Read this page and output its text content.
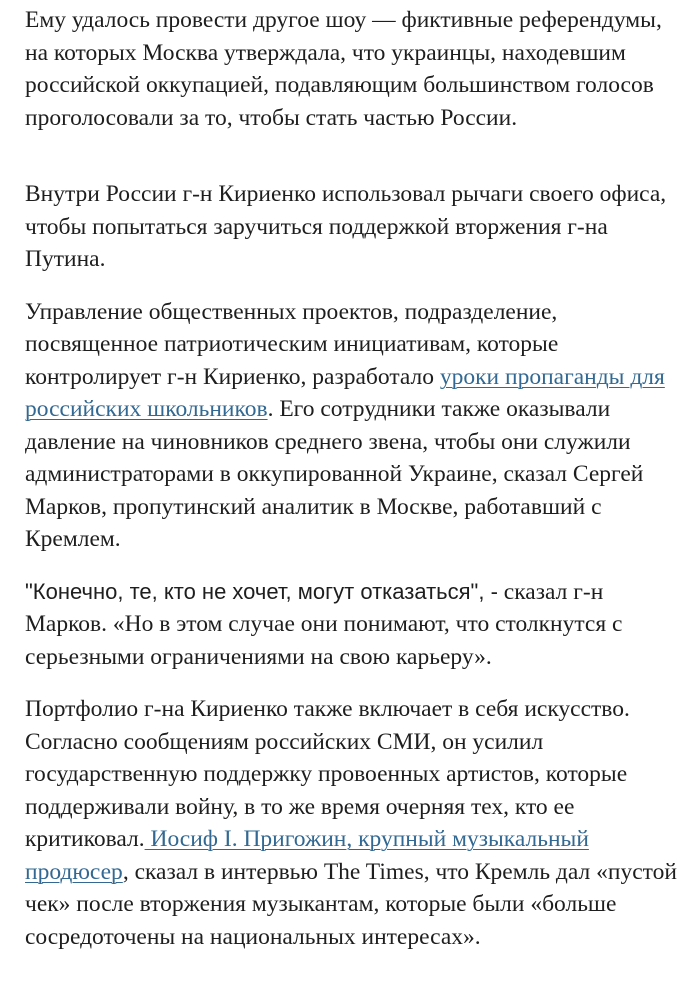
Ему удалось провести другое шоу — фиктивные референдумы, на которых Москва утверждала, что украинцы, находевшим российской оккупацией, подавляющим большинством голосов проголосовали за то, чтобы стать частью России.

Внутри России г-н Кириенко использовал рычаги своего офиса, чтобы попытаться заручиться поддержкой вторжения г-на Путина.

Управление общественных проектов, подразделение, посвященное патриотическим инициативам, которые контролирует г-н Кириенко, разработало уроки пропаганды для российских школьников. Его сотрудники также оказывали давление на чиновников среднего звена, чтобы они служили администраторами в оккупированной Украине, сказал Сергей Марков, пропутинский аналитик в Москве, работавший с Кремлем.

"Конечно, те, кто не хочет, могут отказаться", - сказал г-н Марков. «Но в этом случае они понимают, что столкнутся с серьезными ограничениями на свою карьеру».

Портфолио г-на Кириенко также включает в себя искусство. Согласно сообщениям российских СМИ, он усилил государственную поддержку провоенных артистов, которые поддерживали войну, в то же время очерняя тех, кто ее критиковал. Иосиф I. Пригожин, крупный музыкальный продюсер, сказал в интервью The Times, что Кремль дал «пустой чек» после вторжения музыкантам, которые были «больше сосредоточены на национальных интересах».
